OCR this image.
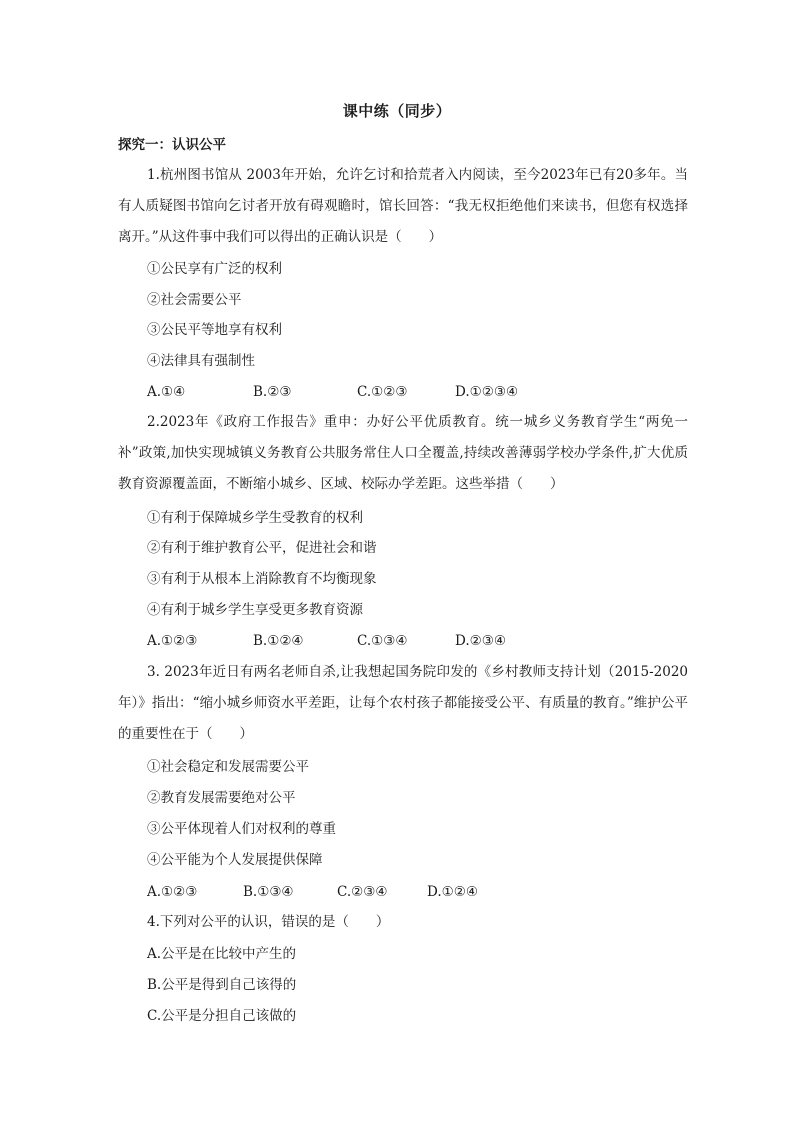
课中练（同步）
探究一：认识公平
1.杭州图书馆从 2003年开始，允许乞讨和拾荒者入内阅读，至今2023年已有20多年。当有人质疑图书馆向乞讨者开放有碍观瞻时，馆长回答：“我无权拒绝他们来读书，但您有权选择离开。”从这件事中我们可以得出的正确认识是（　　）
①公民享有广泛的权利
②社会需要公平
③公民平等地享有权利
④法律具有强制性
A.①④	B.②③	C.①②③	D.①②③④
2.2023年《政府工作报告》重申：办好公平优质教育。统一城乡义务教育学生“两免一补”政策,加快实现城镇义务教育公共服务常住人口全覆盖,持续改善薄弱学校办学条件,扩大优质教育资源覆盖面，不断缩小城乡、区域、校际办学差距。这些举措（　　）
①有利于保障城乡学生受教育的权利
②有利于维护教育公平，促进社会和谐
③有利于从根本上消除教育不均衡现象
④有利于城乡学生享受更多教育资源
A.①②③	B.①②④	C.①③④	D.②③④
3. 2023年近日有两名老师自杀,让我想起国务院印发的《乡村教师支持计划（2015-2020年）》指出：“缩小城乡师资水平差距，让每个农村孩子都能接受公平、有质量的教育。”维护公平的重要性在于（　　）
①社会稳定和发展需要公平
②教育发展需要绝对公平
③公平体现着人们对权利的尊重
④公平能为个人发展提供保障
A.①②③	B.①③④	C.②③④	D.①②④
4.下列对公平的认识，错误的是（　　）
A.公平是在比较中产生的
B.公平是得到自己该得的
C.公平是分担自己该做的
